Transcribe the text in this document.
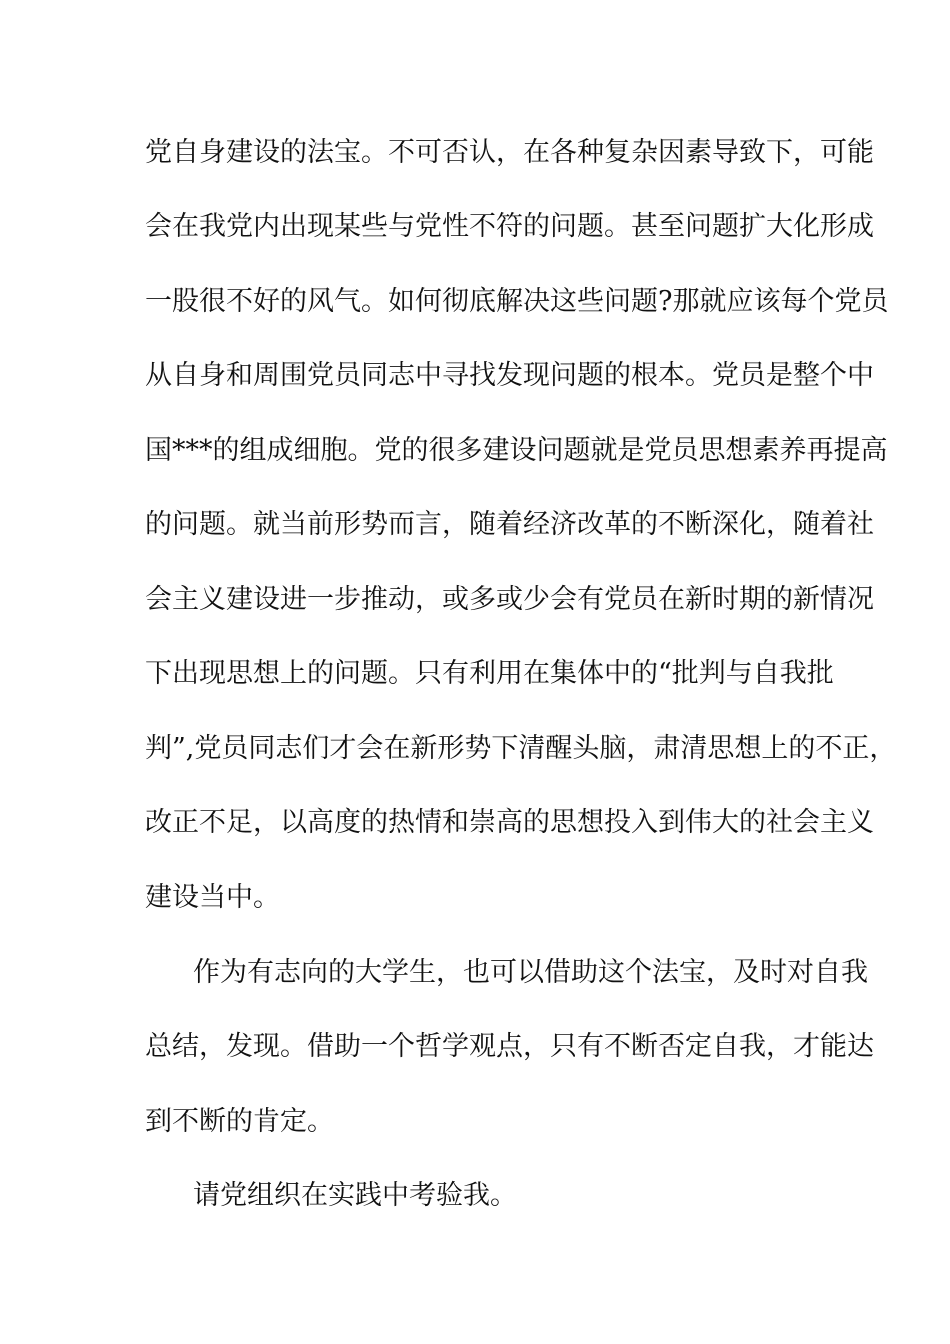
党自身建设的法宝。不可否认，在各种复杂因素导致下，可能

会在我党内出现某些与党性不符的问题。甚至问题扩大化形成

一股很不好的风气。如何彻底解决这些问题?那就应该每个党员

从自身和周围党员同志中寻找发现问题的根本。党员是整个中

国***的组成细胞。党的很多建设问题就是党员思想素养再提高

的问题。就当前形势而言，随着经济改革的不断深化，随着社

会主义建设进一步推动，或多或少会有党员在新时期的新情况

下出现思想上的问题。只有利用在集体中的“批判与自我批

判”,党员同志们才会在新形势下清醒头脑，肃清思想上的不正，

改正不足，以高度的热情和崇高的思想投入到伟大的社会主义

建设当中。

作为有志向的大学生，也可以借助这个法宝，及时对自我

总结，发现。借助一个哲学观点，只有不断否定自我，才能达

到不断的肯定。

请党组织在实践中考验我。
